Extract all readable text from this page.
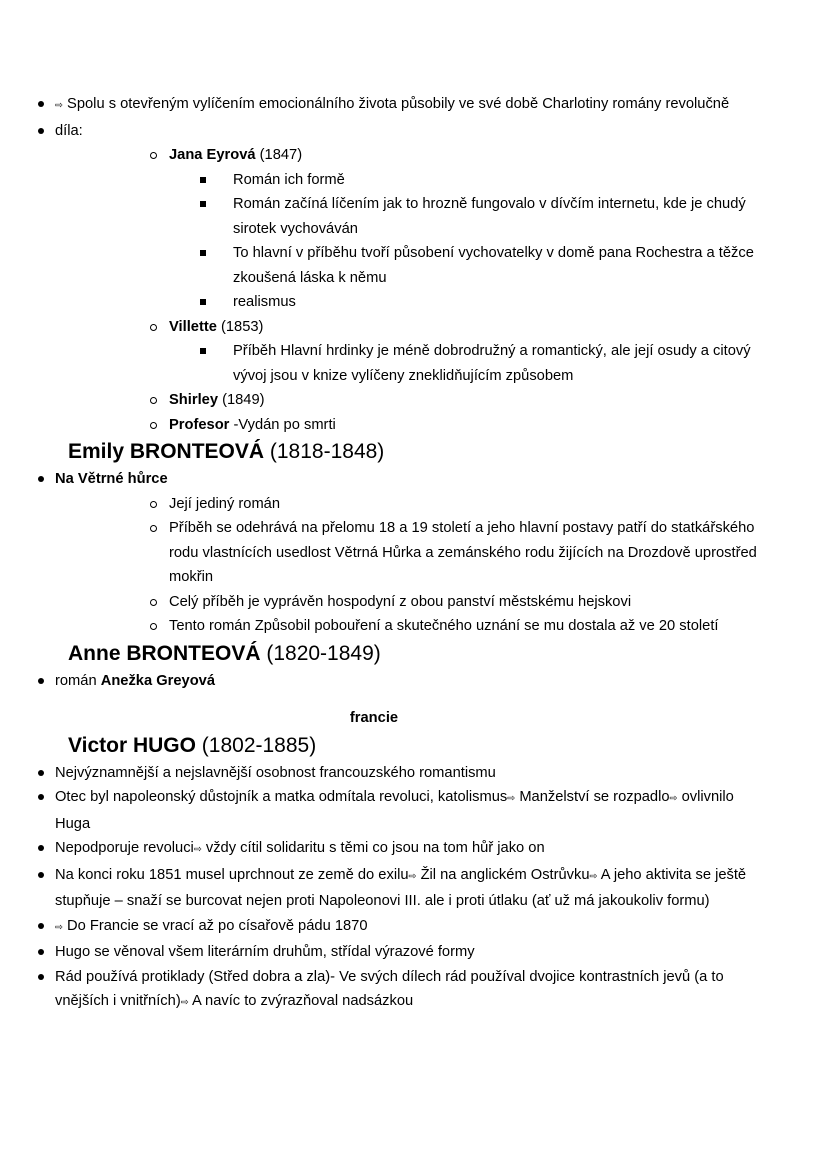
⇨ Spolu s otevřeným vylíčením emocionálního života působily ve své době Charlotiny romány revolučně
díla:
Jana Eyrová (1847)
Román ich formě
Román začíná líčením jak to hrozně fungovalo v dívčím internetu, kde je chudý sirotek vychováván
To hlavní v příběhu tvoří působení vychovatelky v domě pana Rochestra a těžce zkoušená láska k němu
realismus
Villette (1853)
Příběh Hlavní hrdinky je méně dobrodružný a romantický, ale její osudy a citový vývoj jsou v knize vylíčeny zneklidňujícím způsobem
Shirley (1849)
Profesor -Vydán po smrti
Emily BRONTEOVÁ (1818-1848)
Na Větrné hůrce
Její jediný román
Příběh se odehrává na přelomu 18 a 19 století a jeho hlavní postavy patří do statkářského rodu vlastnících usedlost Větrná Hůrka a zemánského rodu žijících na Drozdově uprostřed mokřin
Celý příběh je vyprávěn hospodyní z obou panství městskému hejskovi
Tento román Způsobil pobouření a skutečného uznání se mu dostala až ve 20 století
Anne BRONTEOVÁ (1820-1849)
román Anežka Greyová
francie
Victor HUGO (1802-1885)
Nejvýznamnější a nejslavnější osobnost francouzského romantismu
Otec byl napoleonský důstojník a matka odmítala revoluci, katolismus⇨ Manželství se rozpadlo⇨ ovlivnilo Huga
Nepodporuje revoluci⇨ vždy cítil solidaritu s těmi co jsou na tom hůř jako on
Na konci roku 1851 musel uprchnout ze země do exilu⇨ Žil na anglickém Ostrůvku⇨ A jeho aktivita se ještě stupňuje – snaží se burcovat nejen proti Napoleonovi III. ale i proti útlaku (ať už má jakoukoliv formu)
⇨ Do Francie se vrací až po císařově pádu 1870
Hugo se věnoval všem literárním druhům, střídal výrazové formy
Rád používá protiklady (Střed dobra a zla)- Ve svých dílech rád používal dvojice kontrastních jevů (a to vnějších i vnitřních)⇨ A navíc to zvýrazňoval nadsázkou
